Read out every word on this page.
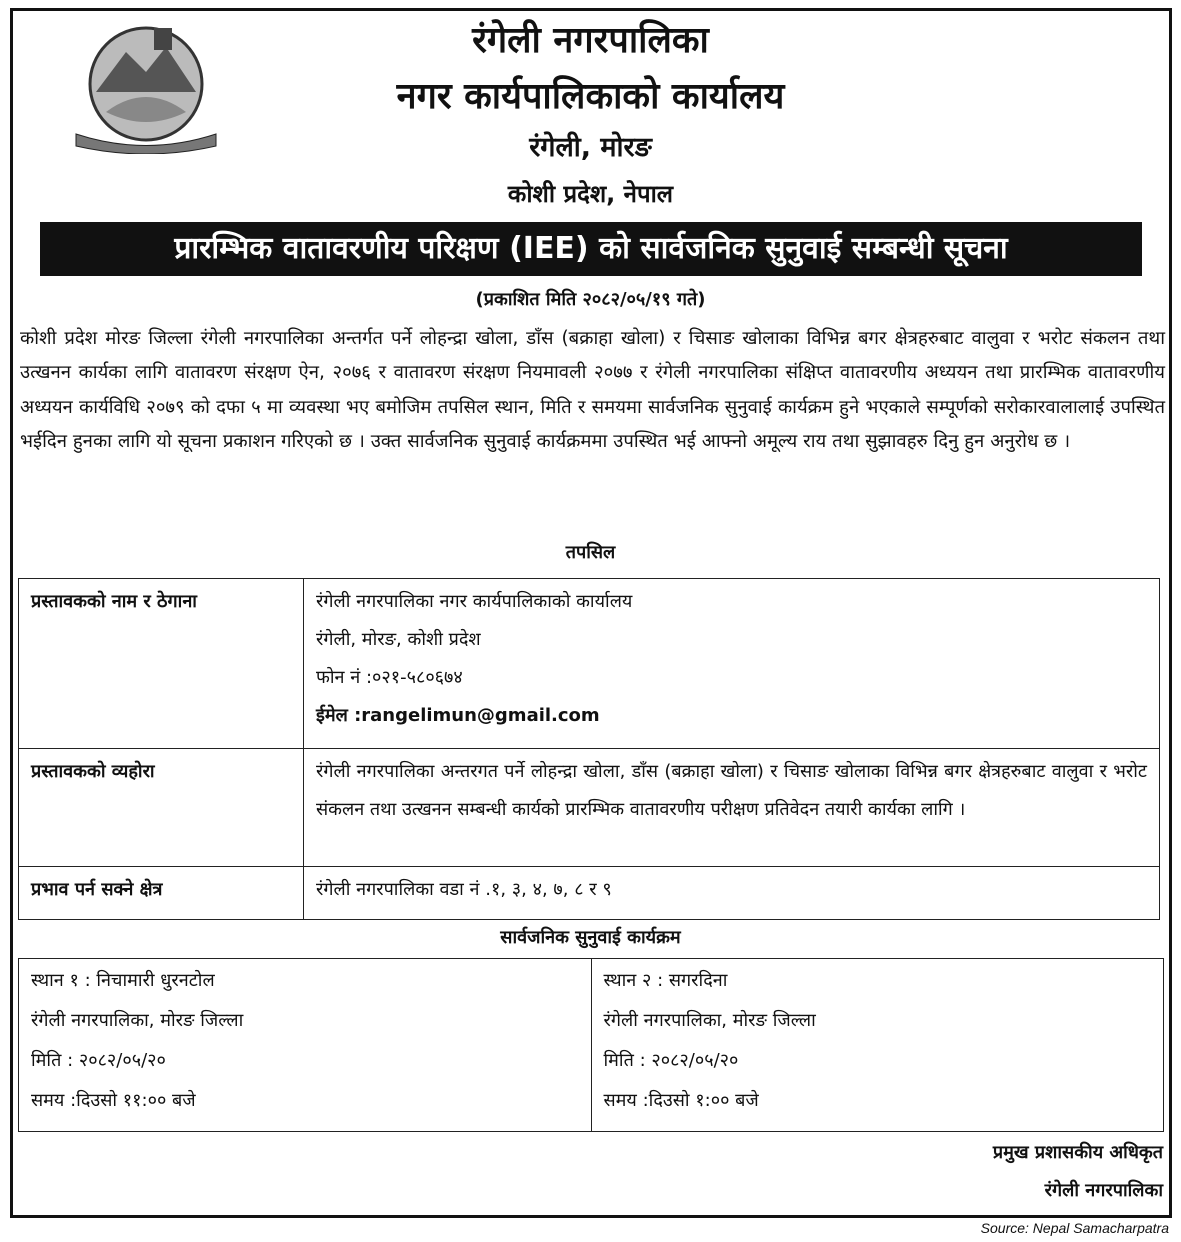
रंगेली नगरपालिका
नगर कार्यपालिकाको कार्यालय
रंगेली, मोरङ
कोशी प्रदेश, नेपाल
प्रारम्भिक वातावरणीय परिक्षण (IEE) को सार्वजनिक सुनुवाई सम्बन्धी सूचना
(प्रकाशित मिति २०८२/०५/१९ गते)
कोशी प्रदेश मोरङ जिल्ला रंगेली नगरपालिका अन्तर्गत पर्ने लोहन्द्रा खोला, डाँस (बक्राहा खोला) र चिसाङ खोलाका विभिन्न बगर क्षेत्रहरुबाट वालुवा र भरोट संकलन तथा उत्खनन कार्यका लागि वातावरण संरक्षण ऐन, २०७६ र वातावरण संरक्षण नियमावली २०७७ र रंगेली नगरपालिका संक्षिप्त वातावरणीय अध्ययन तथा प्रारम्भिक वातावरणीय अध्ययन कार्यविधि २०७९ को दफा ५ मा व्यवस्था भए बमोजिम तपसिल स्थान, मिति र समयमा सार्वजनिक सुनुवाई कार्यक्रम हुने भएकाले सम्पूर्णको सरोकारवालालाई उपस्थित भईदिन हुनका लागि यो सूचना प्रकाशन गरिएको छ । उक्त सार्वजनिक सुनुवाई कार्यक्रममा उपस्थित भई आफ्नो अमूल्य राय तथा सुझावहरु दिनु हुन अनुरोध छ ।
तपसिल
प्रस्तावकको नाम र ठेगाना	रंगेली नगरपालिका नगर कार्यपालिकाको कार्यालय
रंगेली, मोरङ, कोशी प्रदेश
फोन नं :०२१-५८०६७४
ईमेल :rangelimun@gmail.com

प्रस्तावकको व्यहोरा	रंगेली नगरपालिका अन्तरगत पर्ने लोहन्द्रा खोला, डाँस (बक्राहा खोला) र चिसाङ खोलाका विभिन्न बगर क्षेत्रहरुबाट वालुवा र भरोट संकलन तथा उत्खनन सम्बन्धी कार्यको प्रारम्भिक वातावरणीय परीक्षण प्रतिवेदन तयारी कार्यका लागि ।
प्रभाव पर्न सक्ने क्षेत्र	रंगेली नगरपालिका वडा नं .१, ३, ४, ७, ८ र ९
सार्वजनिक सुनुवाई कार्यक्रम
स्थान १ : निचामारी धुरनटोल
रंगेली नगरपालिका, मोरङ जिल्ला
मिति : २०८२/०५/२०
समय :दिउसो ११:०० बजे

स्थान २ : सगरदिना
रंगेली नगरपालिका, मोरङ जिल्ला
मिति : २०८२/०५/२०
समय :दिउसो १:०० बजे
प्रमुख प्रशासकीय अधिकृत
रंगेली नगरपालिका
Source: Nepal Samacharpatra
